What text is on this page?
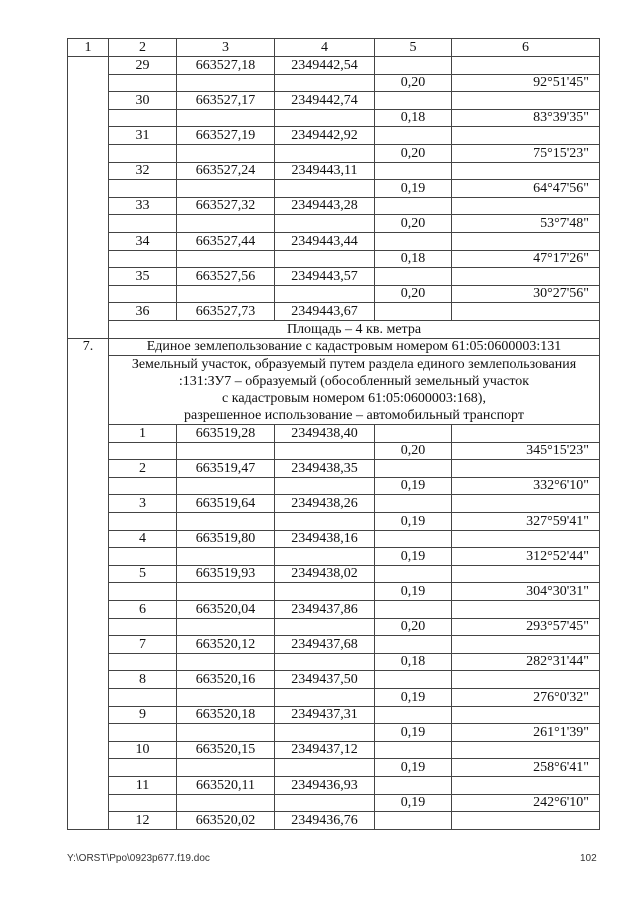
1	2	3	4	5	6
	29	663527,18	2349442,54		
				0,20	92°51'45"
	30	663527,17	2349442,74		
				0,18	83°39'35"
	31	663527,19	2349442,92		
				0,20	75°15'23"
	32	663527,24	2349443,11		
				0,19	64°47'56"
	33	663527,32	2349443,28		
				0,20	53°7'48"
	34	663527,44	2349443,44		
				0,18	47°17'26"
	35	663527,56	2349443,57		
				0,20	30°27'56"
	36	663527,73	2349443,67		
	Площадь – 4 кв. метра				
7.	Единое землепользование с кадастровым номером 61:05:0600003:131				

	Земельный участок, образуемый путем раздела единого землепользования
:131:ЗУ7 – образуемый (обособленный земельный участок
с кадастровым номером 61:05:0600003:168),
разрешенное использование – автомобильный транспорт				

	1	663519,28	2349438,40		
				0,20	345°15'23"
	2	663519,47	2349438,35		
				0,19	332°6'10"
	3	663519,64	2349438,26		
				0,19	327°59'41"
	4	663519,80	2349438,16		
				0,19	312°52'44"
	5	663519,93	2349438,02		
				0,19	304°30'31"
	6	663520,04	2349437,86		
				0,20	293°57'45"
	7	663520,12	2349437,68		
				0,18	282°31'44"
	8	663520,16	2349437,50		
				0,19	276°0'32"
	9	663520,18	2349437,31		
				0,19	261°1'39"
	10	663520,15	2349437,12		
				0,19	258°6'41"
	11	663520,11	2349436,93		
				0,19	242°6'10"
	12	663520,02	2349436,76		
Y:\ORST\Ppo\0923p677.f19.doc	102
